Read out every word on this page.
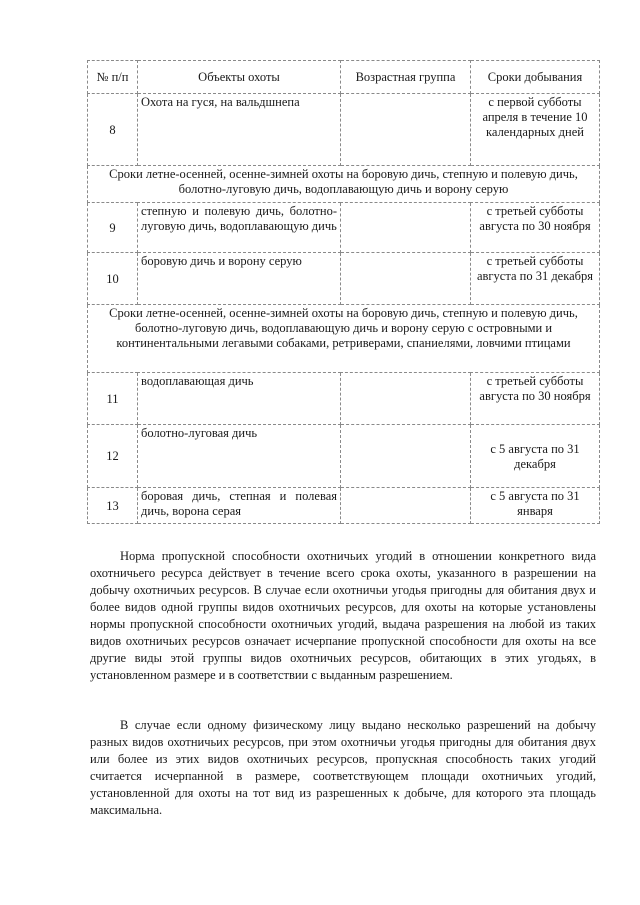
№ п/п	Объекты охоты	Возрастная группа	Сроки добывания
8	Охота на гуся, на вальдшнепа		с первой субботы апреля в течение 10 календарных дней
Сроки летне-осенней, осенне-зимней охоты на боровую дичь, степную и полевую дичь, болотно-луговую дичь, водоплавающую дичь и ворону серую			
9	степную и полевую дичь, болотно-луговую дичь, водоплавающую дичь		с третьей субботы августа по 30 ноября
10	боровую дичь и ворону серую		с третьей субботы августа по 31 декабря
Сроки летне-осенней, осенне-зимней охоты на боровую дичь, степную и полевую дичь, болотно-луговую дичь, водоплавающую дичь и ворону серую с островными и континентальными легавыми собаками, ретриверами, спаниелями, ловчими птицами			
11	водоплавающая дичь		с третьей субботы августа по 30 ноября
12	болотно-луговая дичь		с 5 августа по 31 декабря
13	боровая дичь, степная и полевая дичь, ворона серая		с 5 августа по 31 января

Норма пропускной способности охотничьих угодий в отношении конкретного вида охотничьего ресурса действует в течение всего срока охоты, указанного в разрешении на добычу охотничьих ресурсов. В случае если охотничьи угодья пригодны для обитания двух и более видов одной группы видов охотничьих ресурсов, для охоты на которые установлены нормы пропускной способности охотничьих угодий, выдача разрешения на любой из таких видов охотничьих ресурсов означает исчерпание пропускной способности для охоты на все другие виды этой группы видов охотничьих ресурсов, обитающих в этих угодьях, в установленном размере и в соответствии с выданным разрешением.

В случае если одному физическому лицу выдано несколько разрешений на добычу разных видов охотничьих ресурсов, при этом охотничьи угодья пригодны для обитания двух или более из этих видов охотничьих ресурсов, пропускная способность таких угодий считается исчерпанной в размере, соответствующем площади охотничьих угодий, установленной для охоты на тот вид из разрешенных к добыче, для которого эта площадь максимальна.
